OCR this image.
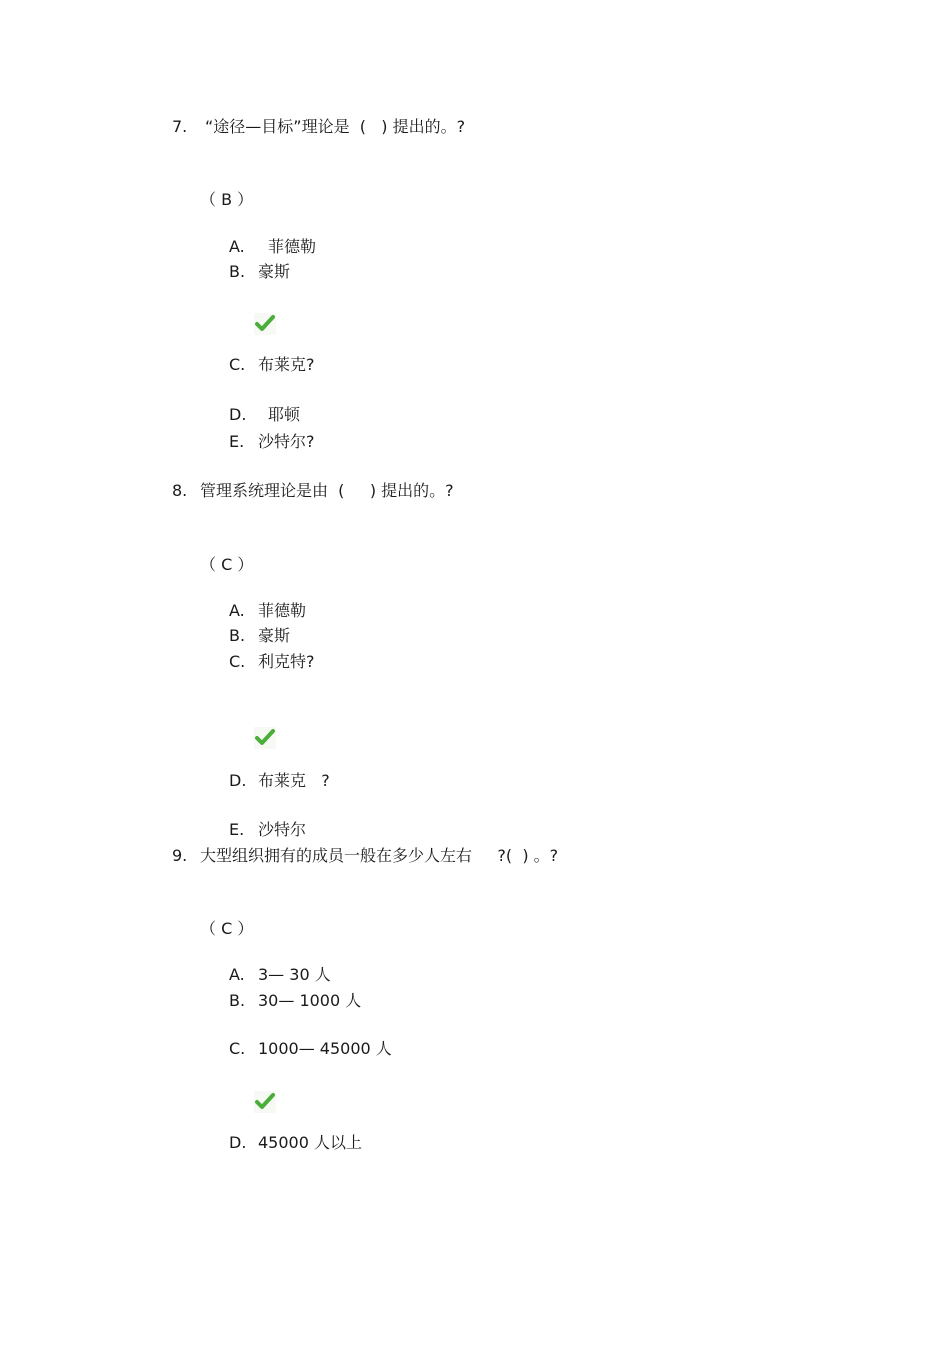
7. “途径—目标”理论是  (   ) 提出的。?
（ B ）
A. 菲德勒
B. 豪斯
C. 布莱克?
D. 耶顿
E. 沙特尔?
8. 管理系统理论是由  (     ) 提出的。?
（ C ）
A. 菲德勒
B. 豪斯
C. 利克特?
D. 布莱克   ?
E. 沙特尔
9. 大型组织拥有的成员一般在多少人左右     ?(  ) 。?
（ C ）
A. 3— 30 人
B. 30— 1000 人
C. 1000— 45000 人
D. 45000 人以上
